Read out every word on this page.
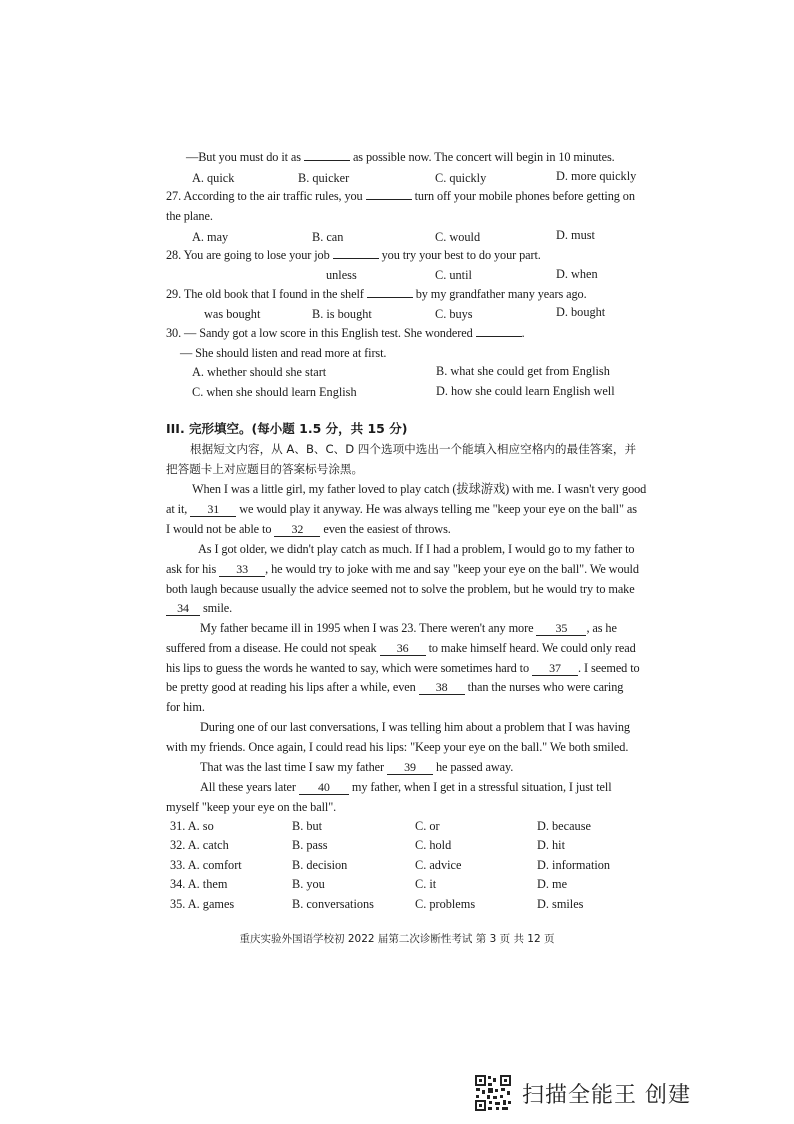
—But you must do it as	as possible now. The concert will begin in 10 minutes.
A. quick	B. quicker	C. quickly	D. more quickly
27. According to the air traffic rules, you	turn off your mobile phones before getting on
the plane.
A. may	B. can	C. would	D. must
28. You are going to lose your job	you try your best to do your part.
unless	C. until	D. when
29. The old book that I found in the shelf	by my grandfather many years ago.
was bought	B. is bought	C. buys	D. bought
30. — Sandy got a low score in this English test. She wondered	.
— She should listen and read more at first.
A. whether should she start	B. what she could get from English
C. when she should learn English	D. how she could learn English well
III. 完形填空。(每小题 1.5 分，共 15 分)
根据短文内容，从 A、B、C、D 四个选项中选出一个能填入相应空格内的最佳答案，并
把答题卡上对应题目的答案标号涂黑。
When I was a little girl, my father loved to play catch (拔球游戏) with me. I wasn't very good
at it, 31 we would play it anyway. He was always telling me "keep your eye on the ball" as
I would not be able to 32 even the easiest of throws.
As I got older, we didn't play catch as much. If I had a problem, I would go to my father to
ask for his 33 , he would try to joke with me and say "keep your eye on the ball". We would
both laugh because usually the advice seemed not to solve the problem, but he would try to make
34 smile.
My father became ill in 1995 when I was 23. There weren't any more 35 , as he
suffered from a disease. He could not speak 36 to make himself heard. We could only read
his lips to guess the words he wanted to say, which were sometimes hard to 37 . I seemed to
be pretty good at reading his lips after a while, even 38 than the nurses who were caring
for him.
During one of our last conversations, I was telling him about a problem that I was having
with my friends. Once again, I could read his lips: "Keep your eye on the ball." We both smiled.
That was the last time I saw my father 39 he passed away.
All these years later 40 my father, when I get in a stressful situation, I just tell
myself "keep your eye on the ball".
31. A. so	B. but	C. or	D. because
32. A. catch	B. pass	C. hold	D. hit
33. A. comfort	B. decision	C. advice	D. information
34. A. them	B. you	C. it	D. me
35. A. games	B. conversations	C. problems	D. smiles
重庆实验外国语学校初 2022 届第二次诊断性考试 第 3 页 共 12 页
扫描全能王 创建
